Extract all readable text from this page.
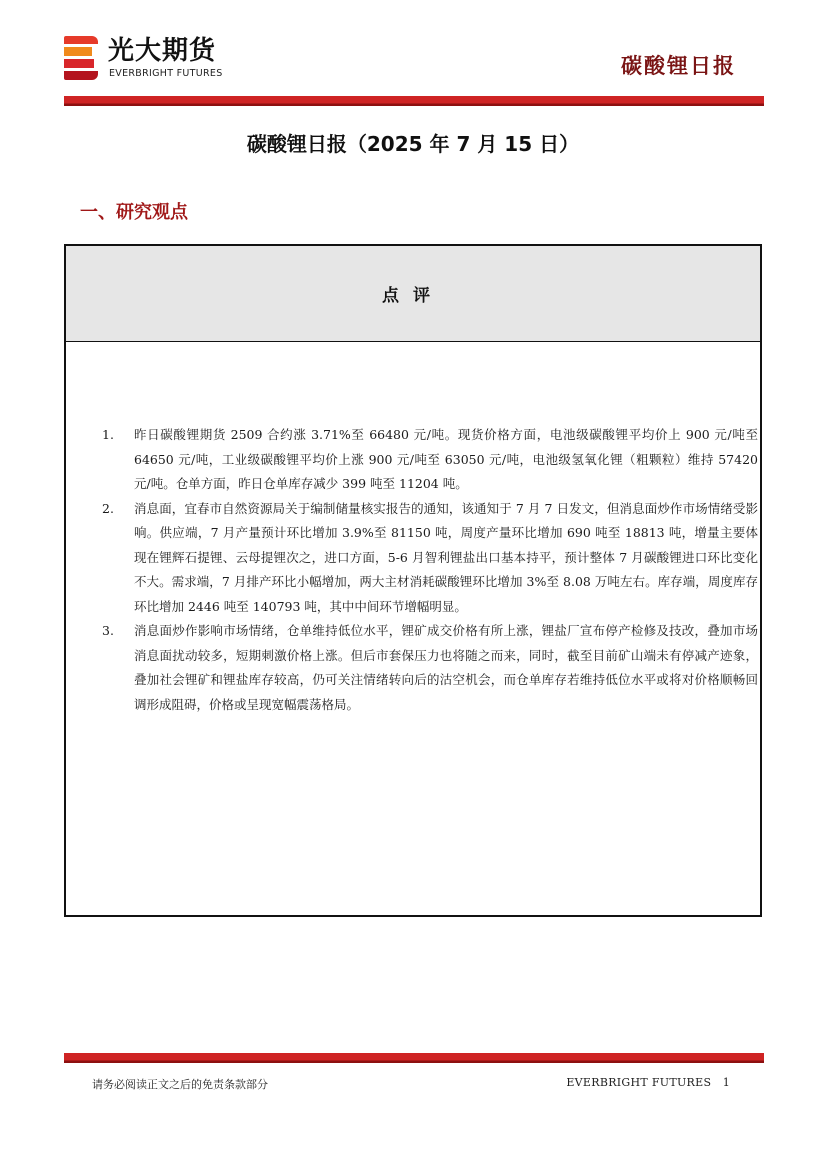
光大期货
EVERBRIGHT FUTURES	碳酸锂日报
碳酸锂日报（2025 年 7 月 15 日）
一、研究观点
点评
1. 昨日碳酸锂期货 2509 合约涨 3.71%至 66480 元/吨。现货价格方面，电池级碳酸锂平均价上 900 元/吨至 64650 元/吨，工业级碳酸锂平均价上涨 900 元/吨至 63050 元/吨，电池级氢氧化锂（粗颗粒）维持 57420 元/吨。仓单方面，昨日仓单库存减少 399 吨至 11204 吨。
2. 消息面，宜春市自然资源局关于编制储量核实报告的通知，该通知于 7 月 7 日发文，但消息面炒作市场情绪受影响。供应端，7 月产量预计环比增加 3.9%至 81150 吨，周度产量环比增加 690 吨至 18813 吨，增量主要体现在锂辉石提锂、云母提锂次之，进口方面，5-6 月智利锂盐出口基本持平，预计整体 7 月碳酸锂进口环比变化不大。需求端，7 月排产环比小幅增加，两大主材消耗碳酸锂环比增加 3%至 8.08 万吨左右。库存端，周度库存环比增加 2446 吨至 140793 吨，其中中间环节增幅明显。
3. 消息面炒作影响市场情绪，仓单维持低位水平，锂矿成交价格有所上涨，锂盐厂宣布停产检修及技改，叠加市场消息面扰动较多，短期刺激价格上涨。但后市套保压力也将随之而来，同时，截至目前矿山端未有停减产迹象，叠加社会锂矿和锂盐库存较高，仍可关注情绪转向后的沽空机会，而仓单库存若维持低位水平或将对价格顺畅回调形成阻碍，价格或呈现宽幅震荡格局。
请务必阅读正文之后的免责条款部分	EVERBRIGHT FUTURES 1
